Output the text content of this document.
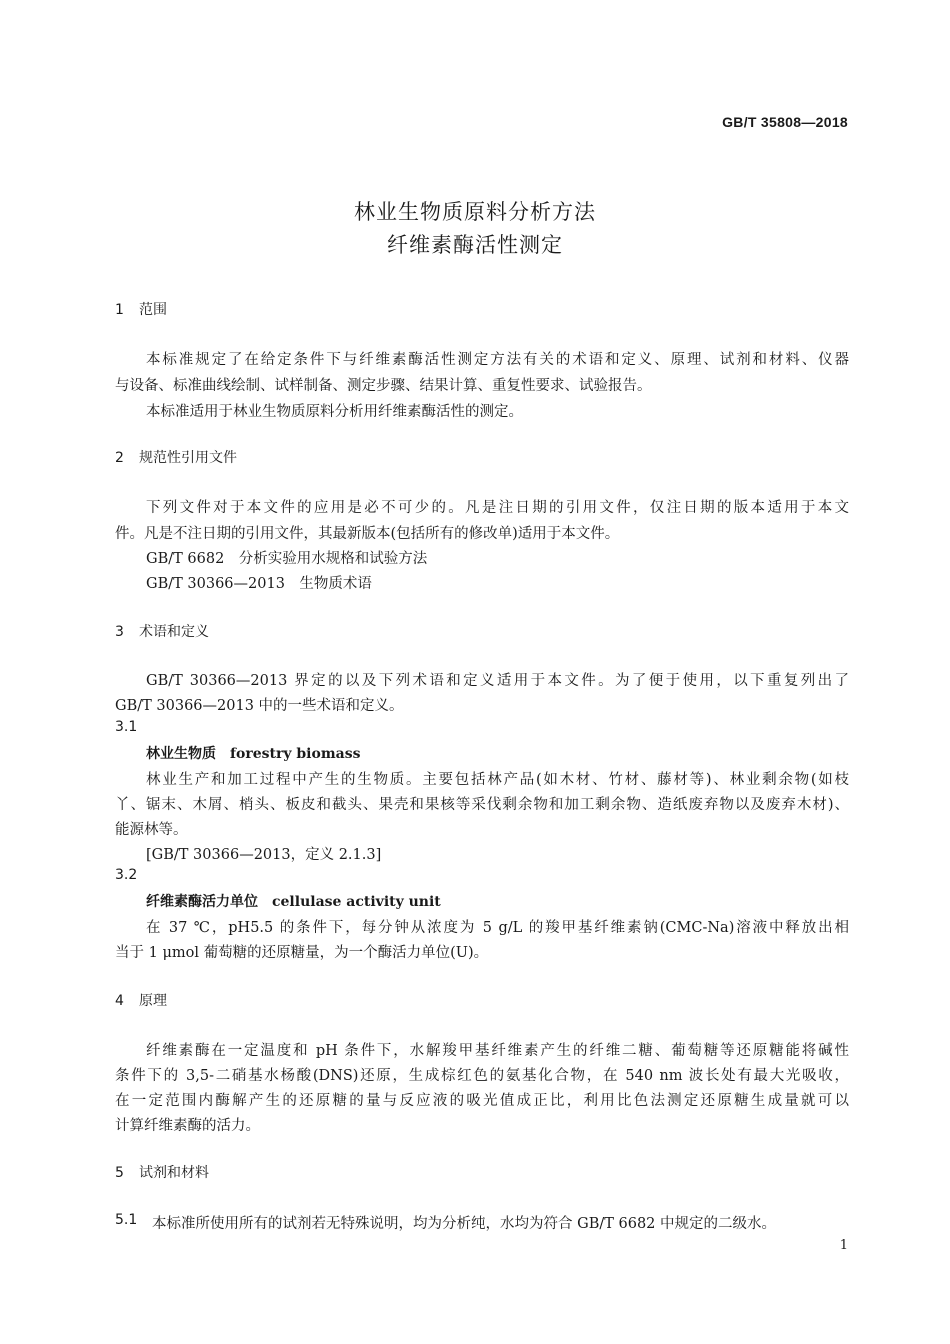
GB/T 35808—2018
林业生物质原料分析方法
纤维素酶活性测定
1 范围
本标准规定了在给定条件下与纤维素酶活性测定方法有关的术语和定义、原理、试剂和材料、仪器
与设备、标准曲线绘制、试样制备、测定步骤、结果计算、重复性要求、试验报告。
本标准适用于林业生物质原料分析用纤维素酶活性的测定。
2 规范性引用文件
下列文件对于本文件的应用是必不可少的。凡是注日期的引用文件，仅注日期的版本适用于本文
件。凡是不注日期的引用文件，其最新版本(包括所有的修改单)适用于本文件。
GB/T 6682　分析实验用水规格和试验方法
GB/T 30366—2013　生物质术语
3 术语和定义
GB/T 30366—2013 界定的以及下列术语和定义适用于本文件。为了便于使用，以下重复列出了
GB/T 30366—2013 中的一些术语和定义。
3.1
林业生物质 forestry biomass
林业生产和加工过程中产生的生物质。主要包括林产品(如木材、竹材、藤材等)、林业剩余物(如枝
丫、锯末、木屑、梢头、板皮和截头、果壳和果核等采伐剩余物和加工剩余物、造纸废弃物以及废弃木材)、
能源林等。
[GB/T 30366—2013，定义 2.1.3]
3.2
纤维素酶活力单位 cellulase activity unit
在 37 ℃，pH5.5 的条件下，每分钟从浓度为 5 g/L 的羧甲基纤维素钠(CMC-Na)溶液中释放出相
当于 1 μmol 葡萄糖的还原糖量，为一个酶活力单位(U)。
4 原理
纤维素酶在一定温度和 pH 条件下，水解羧甲基纤维素产生的纤维二糖、葡萄糖等还原糖能将碱性
条件下的 3,5-二硝基水杨酸(DNS)还原，生成棕红色的氨基化合物，在 540 nm 波长处有最大光吸收，
在一定范围内酶解产生的还原糖的量与反应液的吸光值成正比，利用比色法测定还原糖生成量就可以
计算纤维素酶的活力。
5 试剂和材料
5.1 本标准所使用所有的试剂若无特殊说明，均为分析纯，水均为符合 GB/T 6682 中规定的二级水。
1
